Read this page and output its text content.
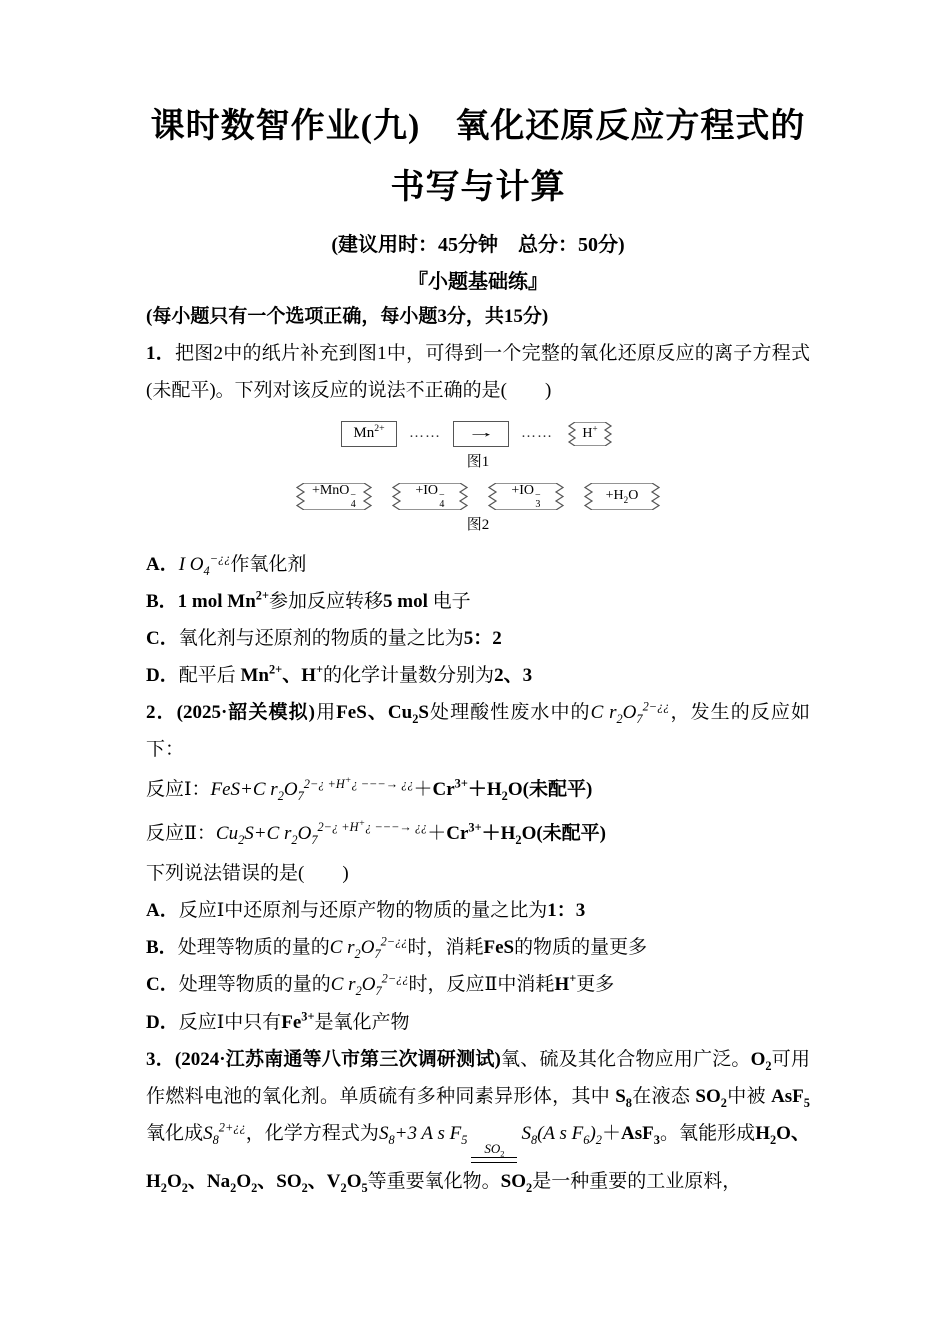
课时数智作业(九)　氧化还原反应方程式的
书写与计算
(建议用时：45分钟　总分：50分)
『小题基础练』
(每小题只有一个选项正确，每小题3分，共15分)

1．把图2中的纸片补充到图1中，可得到一个完整的氧化还原反应的离子方程式(未配平)。下列对该反应的说法不正确的是(　　)

$Mn^{2+}$ …… → …… H+
图1
+MnO −
4
+IO −
4
+IO −
3
$+H_2O$
图2

A．I $O_4^{-¿¿}$作氧化剂

B．1 mol $Mn^{2+}$参加反应转移5 mol 电子

C．氧化剂与还原剂的物质的量之比为5：2

D．配平后 $Mn^{2+}$、H+的化学计量数分别为2、3

2．(2025·韶关模拟)用FeS、$Cu_2S$处理酸性废水中的C $r_2O_7^{2-¿¿}$，发生的反应如下：

反应Ⅰ：FeS+C $r_2O_7^{2-¿ +H^+¿ ---\to ¿¿}+Cr^{3+}+H_2O$(未配平)

反应Ⅱ：$Cu_2S+C$ $r_2O_7^{2-¿ +H^+¿ ---\to ¿¿}+Cr^{3+}+H_2O$(未配平)

下列说法错误的是(　　)

A．反应Ⅰ中还原剂与还原产物的物质的量之比为1：3

B．处理等物质的量的C $r_2O_7^{2-¿¿}$时，消耗FeS的物质的量更多

C．处理等物质的量的C $r_2O_7^{2-¿¿}$时，反应Ⅱ中消耗H+更多

D．反应Ⅰ中只有$Fe^{3+}$是氧化产物

3．(2024·江苏南通等八市第三次调研测试)氧、硫及其化合物应用广泛。$O_2$可用作燃料电池的氧化剂。单质硫有多种同素异形体，其中 $S_8$在液态 $SO_2$中被 AsF$_5$氧化成$S_8^{2+¿¿}$，化学方程式为$S_8+3$ A s $F_5$
$SO_2$
$S_8(A$ s $F_6)_2+AsF_3$。氧能形成$H_2O$、$H_2O_2$、$Na_2O_2$、$SO_2$、$V_2O_5$等重要氧化物。$SO_2$是一种重要的工业原料，
